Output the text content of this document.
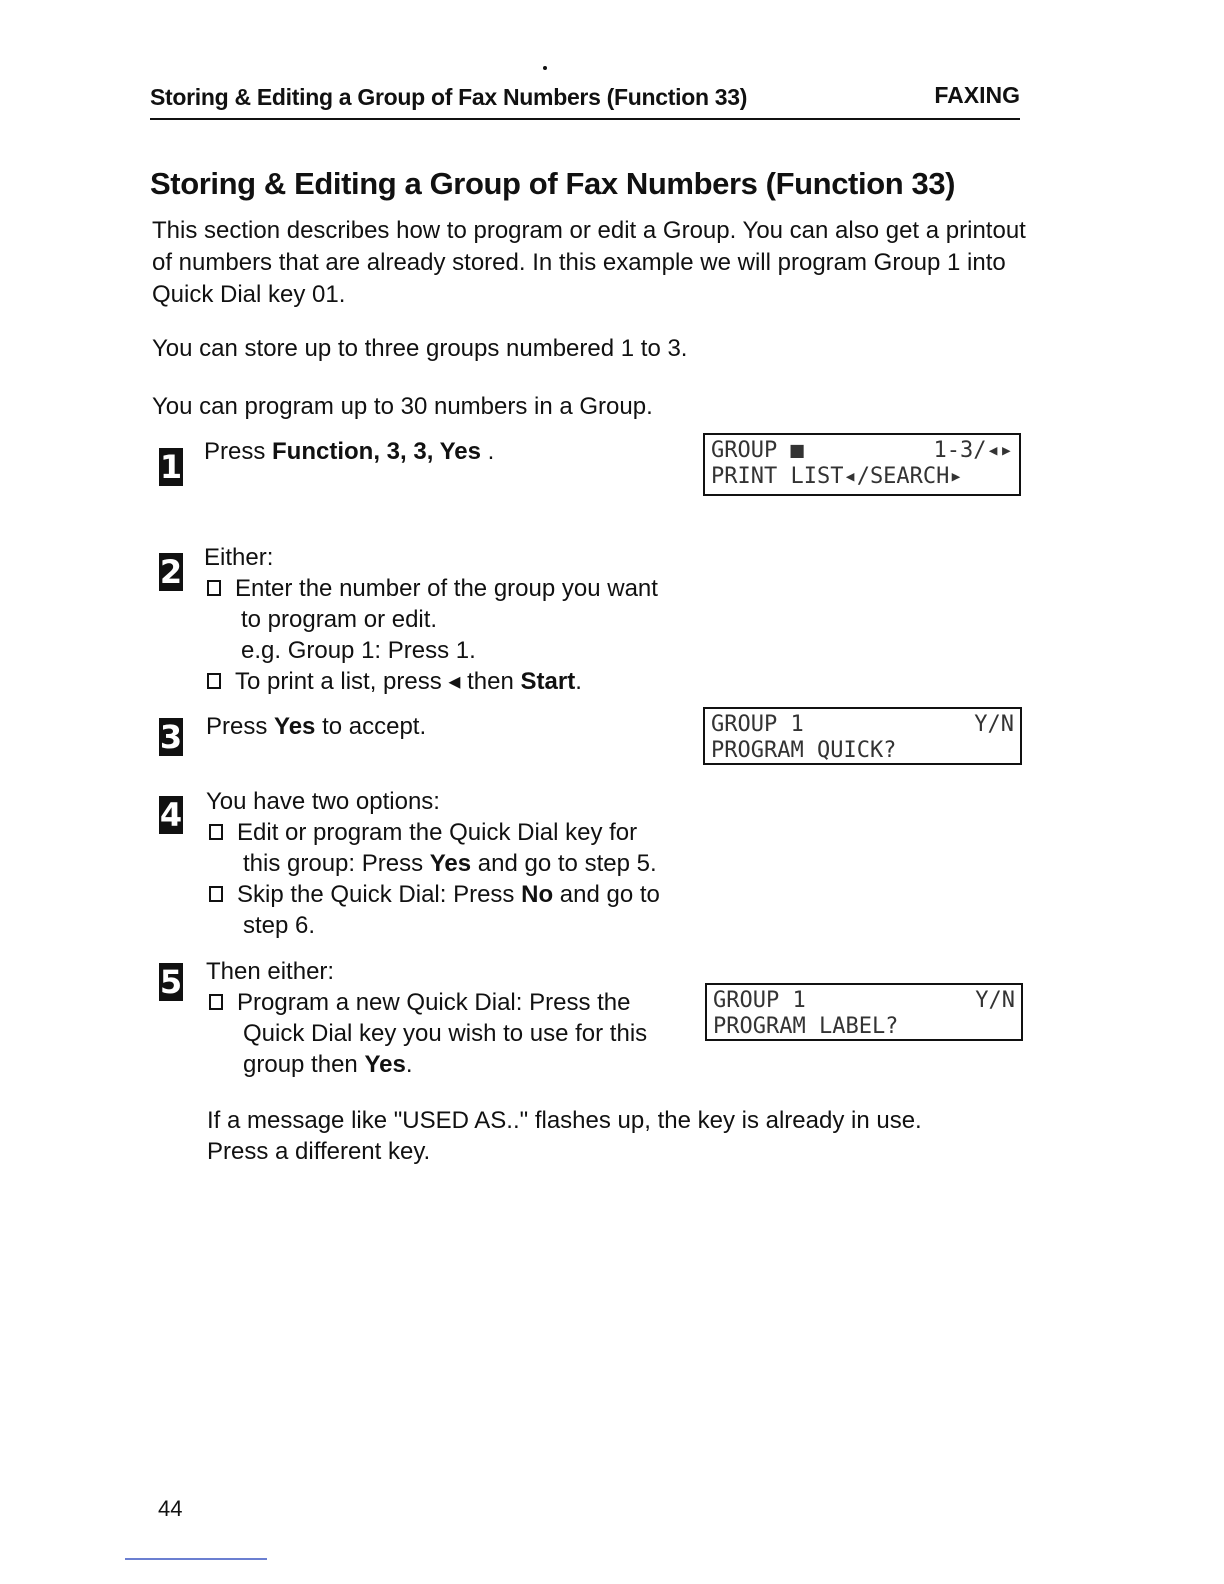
Storing & Editing a Group of Fax Numbers (Function 33)	FAXING
Storing & Editing a Group of Fax Numbers (Function 33)
This section describes how to program or edit a Group. You can also get a printout of numbers that are already stored. In this example we will program Group 1 into Quick Dial key 01.
You can store up to three groups numbered 1 to 3.
You can program up to 30 numbers in a Group.
1 Press Function, 3, 3, Yes .	GROUP ■	1-3/◂▸
PRINT LIST◂/SEARCH▸
2 Either:
Enter the number of the group you want
to program or edit.
e.g. Group 1: Press 1.
To print a list, press ◂ then Start.
3 Press Yes to accept.	GROUP 1	Y/N
PROGRAM QUICK?
4 You have two options:
Edit or program the Quick Dial key for
this group: Press Yes and go to step 5.
Skip the Quick Dial: Press No and go to
step 6.
5 Then either:
Program a new Quick Dial: Press the
Quick Dial key you wish to use for this
group then Yes.
GROUP 1	Y/N
PROGRAM LABEL?
If a message like "USED AS.." flashes up, the key is already in use.
Press a different key.
44
